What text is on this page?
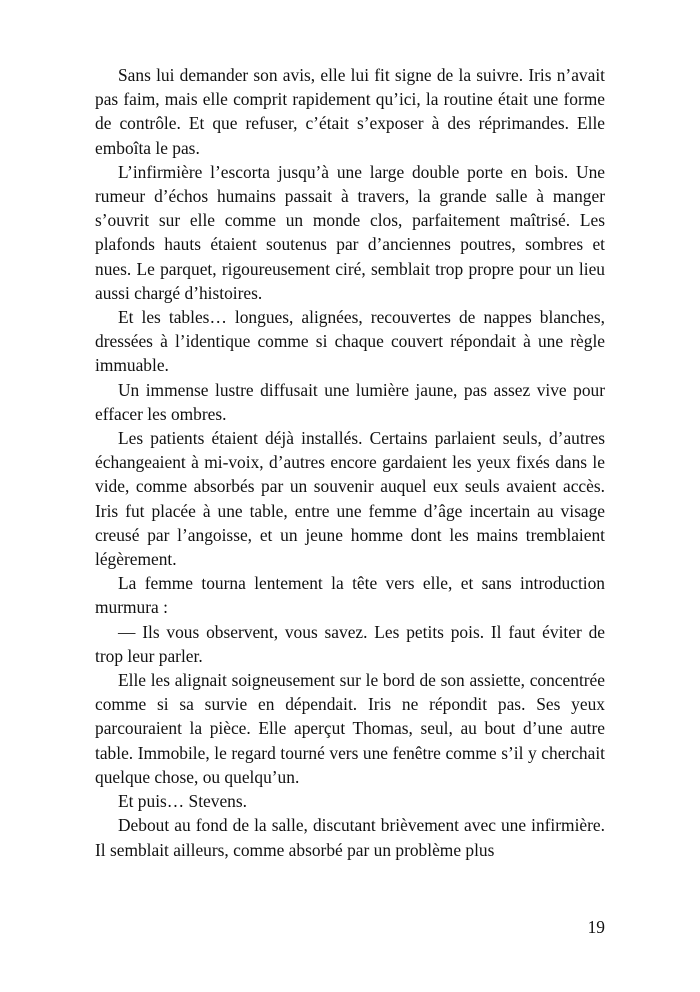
Sans lui demander son avis, elle lui fit signe de la suivre. Iris n’avait pas faim, mais elle comprit rapidement qu’ici, la routine était une forme de contrôle. Et que refuser, c’était s’exposer à des réprimandes. Elle emboîta le pas.

L’infirmière l’escorta jusqu’à une large double porte en bois. Une rumeur d’échos humains passait à travers, la grande salle à manger s’ouvrit sur elle comme un monde clos, parfaitement maîtrisé. Les plafonds hauts étaient soutenus par d’anciennes poutres, sombres et nues. Le parquet, rigoureusement ciré, semblait trop propre pour un lieu aussi chargé d’histoires.

Et les tables… longues, alignées, recouvertes de nappes blanches, dressées à l’identique comme si chaque couvert répondait à une règle immuable.

Un immense lustre diffusait une lumière jaune, pas assez vive pour effacer les ombres.

Les patients étaient déjà installés. Certains parlaient seuls, d’autres échangeaient à mi-voix, d’autres encore gardaient les yeux fixés dans le vide, comme absorbés par un souvenir auquel eux seuls avaient accès. Iris fut placée à une table, entre une femme d’âge incertain au visage creusé par l’angoisse, et un jeune homme dont les mains tremblaient légèrement.

La femme tourna lentement la tête vers elle, et sans introduction murmura :

— Ils vous observent, vous savez. Les petits pois. Il faut éviter de trop leur parler.

Elle les alignait soigneusement sur le bord de son assiette, concentrée comme si sa survie en dépendait. Iris ne répondit pas. Ses yeux parcouraient la pièce. Elle aperçut Thomas, seul, au bout d’une autre table. Immobile, le regard tourné vers une fenêtre comme s’il y cherchait quelque chose, ou quelqu’un.

Et puis… Stevens.

Debout au fond de la salle, discutant brièvement avec une infirmière. Il semblait ailleurs, comme absorbé par un problème plus

19
